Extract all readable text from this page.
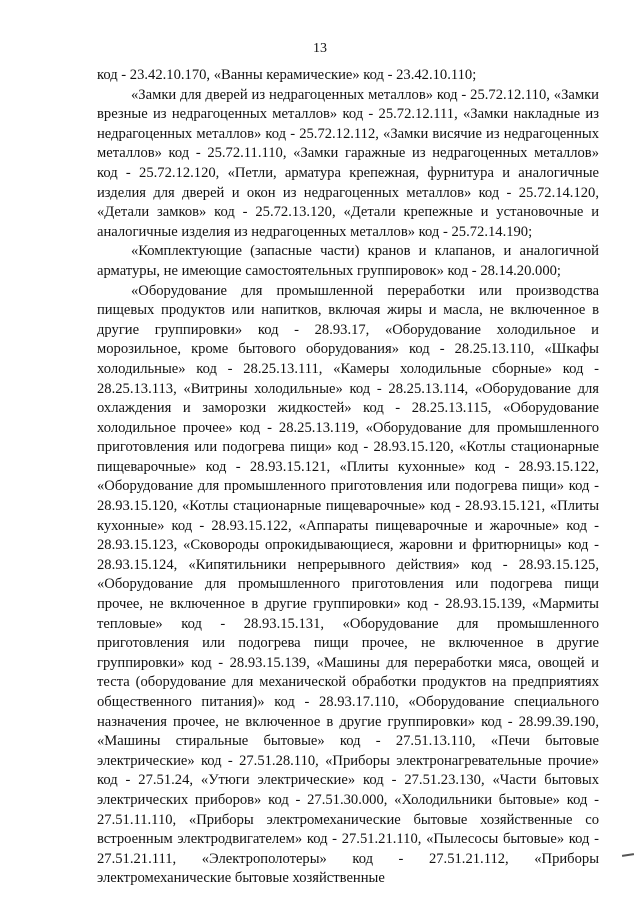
13

код - 23.42.10.170, «Ванны керамические» код - 23.42.10.110;

«Замки для дверей из недрагоценных металлов» код - 25.72.12.110, «Замки врезные из недрагоценных металлов» код - 25.72.12.111, «Замки накладные из недрагоценных металлов» код - 25.72.12.112, «Замки висячие из недрагоценных металлов» код - 25.72.11.110, «Замки гаражные из недрагоценных металлов» код - 25.72.12.120, «Петли, арматура крепежная, фурнитура и аналогичные изделия для дверей и окон из недрагоценных металлов» код - 25.72.14.120, «Детали замков» код - 25.72.13.120, «Детали крепежные и установочные и аналогичные изделия из недрагоценных металлов» код - 25.72.14.190;

«Комплектующие (запасные части) кранов и клапанов, и аналогичной арматуры, не имеющие самостоятельных группировок» код - 28.14.20.000;

«Оборудование для промышленной переработки или производства пищевых продуктов или напитков, включая жиры и масла, не включенное в другие группировки» код - 28.93.17, «Оборудование холодильное и морозильное, кроме бытового оборудования» код - 28.25.13.110, «Шкафы холодильные» код - 28.25.13.111, «Камеры холодильные сборные» код - 28.25.13.113, «Витрины холодильные» код - 28.25.13.114, «Оборудование для охлаждения и заморозки жидкостей» код - 28.25.13.115, «Оборудование холодильное прочее» код - 28.25.13.119, «Оборудование для промышленного приготовления или подогрева пищи» код - 28.93.15.120, «Котлы стационарные пищеварочные» код - 28.93.15.121, «Плиты кухонные» код - 28.93.15.122, «Оборудование для промышленного приготовления или подогрева пищи» код - 28.93.15.120, «Котлы стационарные пищеварочные» код - 28.93.15.121, «Плиты кухонные» код - 28.93.15.122, «Аппараты пищеварочные и жарочные» код - 28.93.15.123, «Сковороды опрокидывающиеся, жаровни и фритюрницы» код - 28.93.15.124, «Кипятильники непрерывного действия» код - 28.93.15.125, «Оборудование для промышленного приготовления или подогрева пищи прочее, не включенное в другие группировки» код - 28.93.15.139, «Мармиты тепловые» код - 28.93.15.131, «Оборудование для промышленного приготовления или подогрева пищи прочее, не включенное в другие группировки» код - 28.93.15.139, «Машины для переработки мяса, овощей и теста (оборудование для механической обработки продуктов на предприятиях общественного питания)» код - 28.93.17.110, «Оборудование специального назначения прочее, не включенное в другие группировки» код - 28.99.39.190, «Машины стиральные бытовые» код - 27.51.13.110, «Печи бытовые электрические» код - 27.51.28.110, «Приборы электронагревательные прочие» код - 27.51.24, «Утюги электрические» код - 27.51.23.130, «Части бытовых электрических приборов» код - 27.51.30.000, «Холодильники бытовые» код - 27.51.11.110, «Приборы электромеханические бытовые хозяйственные со встроенным электродвигателем» код - 27.51.21.110, «Пылесосы бытовые» код - 27.51.21.111, «Электрополотеры» код - 27.51.21.112, «Приборы электромеханические бытовые хозяйственные
